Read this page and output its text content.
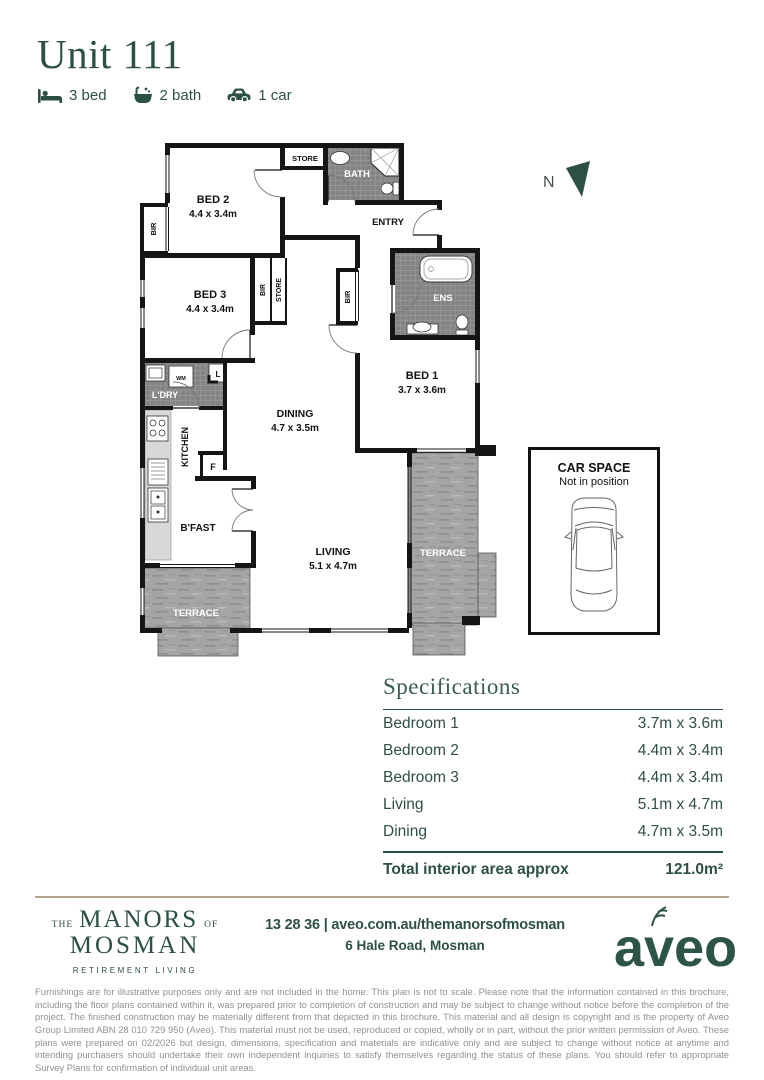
Unit 111
3 bed	2 bath	1 car
N
BED 2
4.4 x 3.4m
BED 3
4.4 x 3.4m
BED 1
3.7 x 3.6m
DINING
4.7 x 3.5m
LIVING
5.1 x 4.7m
ENTRY
STORE
BATH
ENS
L'DRY
WM	L
F
B'FAST
TERRACE
TERRACE
BIR
BIR STORE	BIR
KITCHEN
CAR SPACE
Not in position
Specifications
Bedroom 1	3.7m x 3.6m
Bedroom 2	4.4m x 3.4m
Bedroom 3	4.4m x 3.4m
Living	5.1m x 4.7m
Dining	4.7m x 3.5m
Total interior area approx	121.0m²
THE MANORS OF
MOSMAN
RETIREMENT LIVING
13 28 36 | aveo.com.au/themanorsofmosman
6 Hale Road, Mosman	aveo
Furnishings are for illustrative purposes only and are not included in the home. This plan is not to scale. Please note that the information contained in this brochure, including the floor plans contained within it, was prepared prior to completion of construction and may be subject to change without notice before the completion of the project. The finished construction may be materially different from that depicted in this brochure. This material and all design is copyright and is the property of Aveo Group Limited ABN 28 010 729 950 (Aveo). This material must not be used, reproduced or copied, wholly or in part, without the prior written permission of Aveo. These plans were prepared on 02/2026 but design, dimensions, specification and materials are indicative only and are subject to change without notice at anytime and intending purchasers should undertake their own independent inquiries to satisfy themselves regarding the status of these plans. You should refer to appropriate Survey Plans for confirmation of individual unit areas.
